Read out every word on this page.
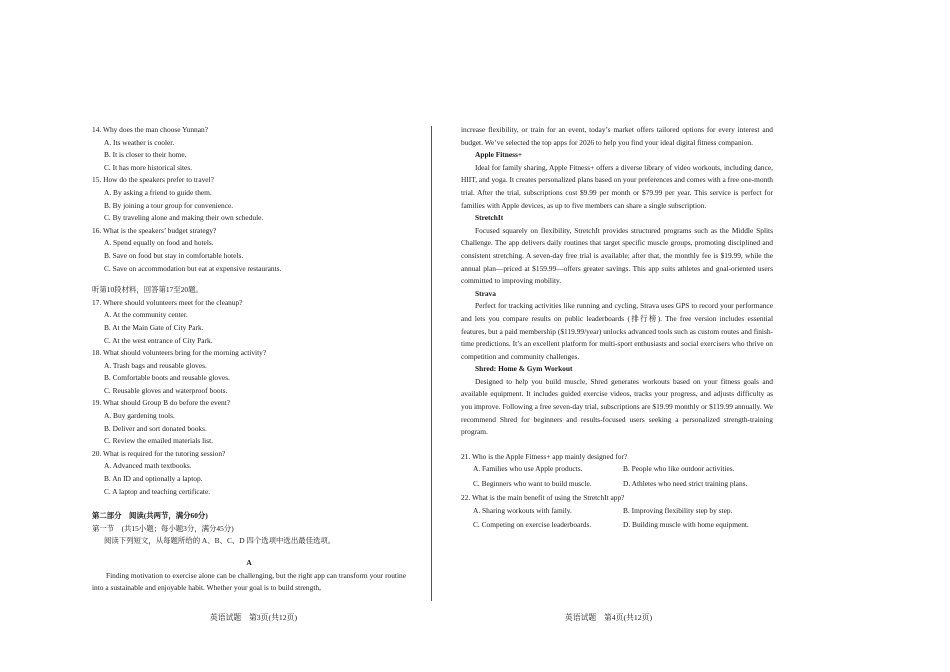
14. Why does the man choose Yunnan?
A. Its weather is cooler.
B. It is closer to their home.
C. It has more historical sites.
15. How do the speakers prefer to travel?
A. By asking a friend to guide them.
B. By joining a tour group for convenience.
C. By traveling alone and making their own schedule.
16. What is the speakers’ budget strategy?
A. Spend equally on food and hotels.
B. Save on food but stay in comfortable hotels.
C. Save on accommodation but eat at expensive restaurants.
听第10段材料，回答第17至20题。
17. Where should volunteers meet for the cleanup?
A. At the community center.
B. At the Main Gate of City Park.
C. At the west entrance of City Park.
18. What should volunteers bring for the morning activity?
A. Trash bags and reusable gloves.
B. Comfortable boots and reusable gloves.
C. Reusable gloves and waterproof boots.
19. What should Group B do before the event?
A. Buy gardening tools.
B. Deliver and sort donated books.
C. Review the emailed materials list.
20. What is required for the tutoring session?
A. Advanced math textbooks.
B. An ID and optionally a laptop.
C. A laptop and teaching certificate.
第二部分　阅读(共两节，满分60分)
第一节　(共15小题；每小题3分，满分45分)
阅读下列短文，从每题所给的 A、B、C、D 四个选项中选出最佳选项。
A

Finding motivation to exercise alone can be challenging, but the right app can transform your routine into a sustainable and enjoyable habit. Whether your goal is to build strength,

英语试题　第3页(共12页)

increase flexibility, or train for an event, today’s market offers tailored options for every interest and budget. We’ve selected the top apps for 2026 to help you find your ideal digital fitness companion.

Apple Fitness+

Ideal for family sharing, Apple Fitness+ offers a diverse library of video workouts, including dance, HIIT, and yoga. It creates personalized plans based on your preferences and comes with a free one-month trial. After the trial, subscriptions cost $9.99 per month or $79.99 per year. This service is perfect for families with Apple devices, as up to five members can share a single subscription.

StretchIt

Focused squarely on flexibility, StretchIt provides structured programs such as the Middle Splits Challenge. The app delivers daily routines that target specific muscle groups, promoting disciplined and consistent stretching. A seven-day free trial is available; after that, the monthly fee is $19.99, while the annual plan—priced at $159.99—offers greater savings. This app suits athletes and goal-oriented users committed to improving mobility.

Strava

Perfect for tracking activities like running and cycling, Strava uses GPS to record your performance and lets you compare results on public leaderboards (排行榜). The free version includes essential features, but a paid membership ($119.99/year) unlocks advanced tools such as custom routes and finish-time predictions. It’s an excellent platform for multi-sport enthusiasts and social exercisers who thrive on competition and community challenges.

Shred: Home & Gym Workout

Designed to help you build muscle, Shred generates workouts based on your fitness goals and available equipment. It includes guided exercise videos, tracks your progress, and adjusts difficulty as you improve. Following a free seven-day trial, subscriptions are $19.99 monthly or $119.99 annually. We recommend Shred for beginners and results-focused users seeking a personalized strength-training program.

21. Who is the Apple Fitness+ app mainly designed for?
A. Families who use Apple products.	B. People who like outdoor activities.
C. Beginners who want to build muscle.	D. Athletes who need strict training plans.
22. What is the main benefit of using the StretchIt app?
A. Sharing workouts with family.	B. Improving flexibility step by step.
C. Competing on exercise leaderboards.	D. Building muscle with home equipment.
英语试题　第4页(共12页)
